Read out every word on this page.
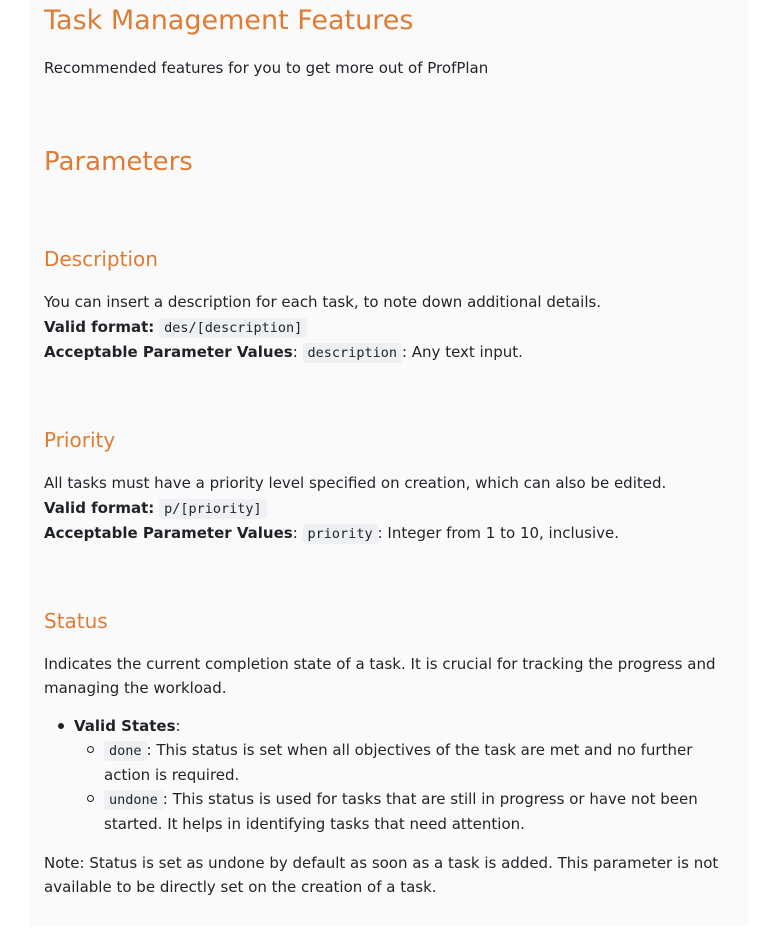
Task Management Features

Recommended features for you to get more out of ProfPlan

Parameters
Description

You can insert a description for each task, to note down additional details.

Valid format: des/[description]

Acceptable Parameter Values: description : Any text input.

Priority

All tasks must have a priority level specified on creation, which can also be edited.

Valid format: p/[priority]

Acceptable Parameter Values: priority : Integer from 1 to 10, inclusive.

Status

Indicates the current completion state of a task. It is crucial for tracking the progress and managing the workload.

Valid States:
done : This status is set when all objectives of the task are met and no further action is required.
undone : This status is used for tasks that are still in progress or have not been started. It helps in identifying tasks that need attention.

Note: Status is set as undone by default as soon as a task is added. This parameter is not available to be directly set on the creation of a task.
